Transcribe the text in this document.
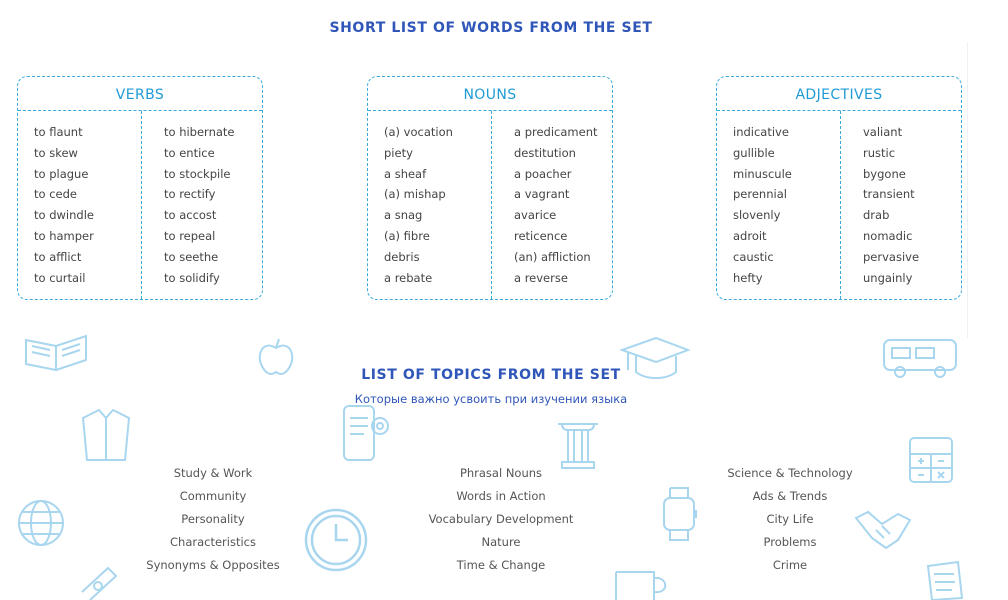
SHORT LIST OF WORDS FROM THE SET
VERBS
to flaunt
to skew
to plague
to cede
to dwindle
to hamper
to afflict
to curtail
to hibernate
to entice
to stockpile
to rectify
to accost
to repeal
to seethe
to solidify
NOUNS
(a) vocation
piety
a sheaf
(a) mishap
a snag
(a) fibre
debris
a rebate
a predicament
destitution
a poacher
a vagrant
avarice
reticence
(an) affliction
a reverse
ADJECTIVES
indicative
gullible
minuscule
perennial
slovenly
adroit
caustic
hefty
valiant
rustic
bygone
transient
drab
nomadic
pervasive
ungainly
LIST OF TOPICS FROM THE SET
Которые важно усвоить при изучении языка
Study & Work
Community
Personality
Characteristics
Synonyms & Opposites
Phrasal Nouns
Words in Action
Vocabulary Development
Nature
Time & Change
Science & Technology
Ads & Trends
City Life
Problems
Crime
